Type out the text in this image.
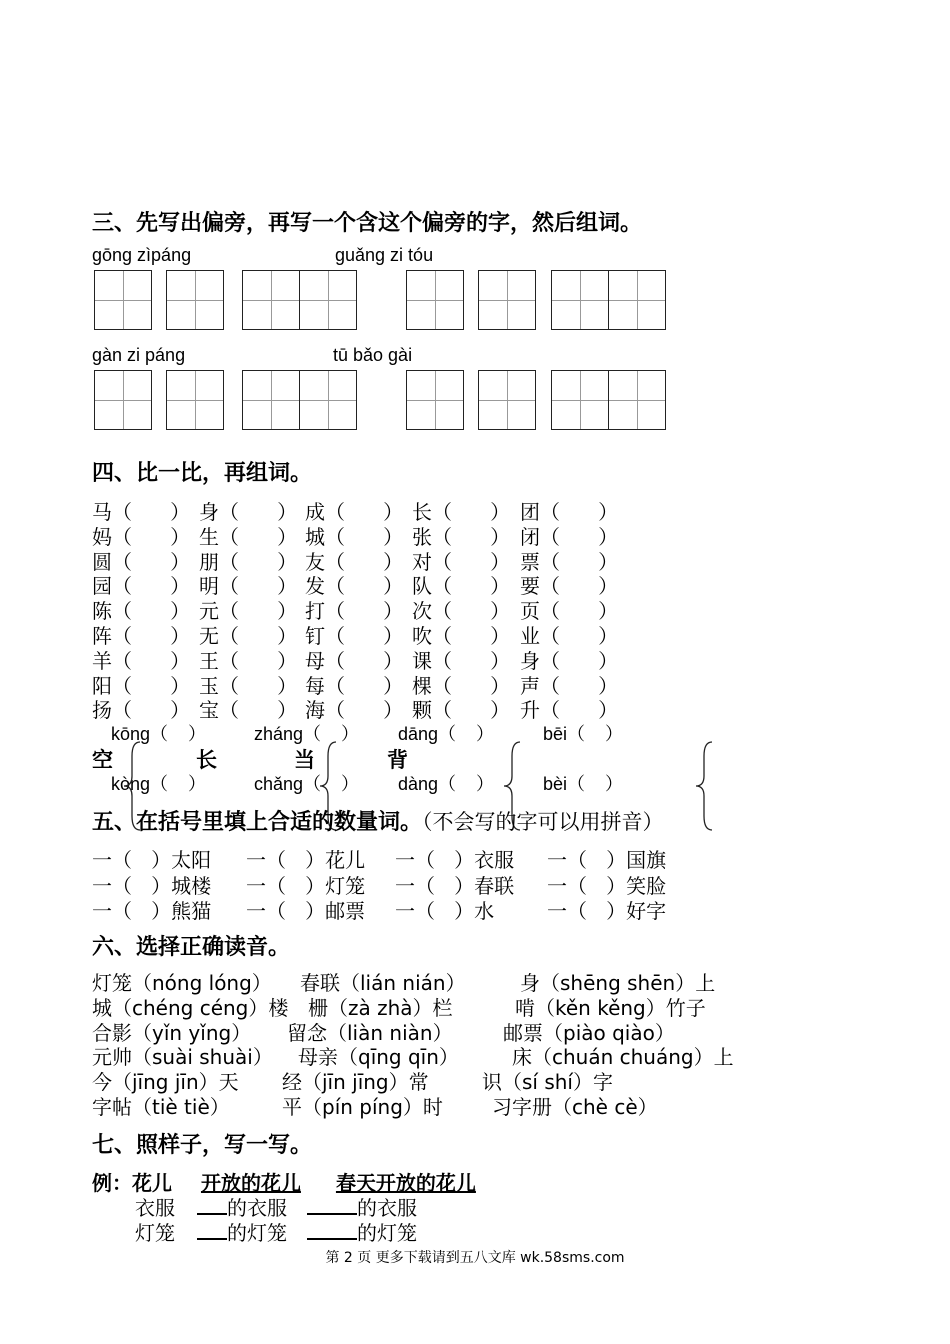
三、先写出偏旁，再写一个含这个偏旁的字，然后组词。
gōng zìpáng	guǎng zi tóu
gàn zi páng	tū bǎo gài
四、比一比，再组词。
马（      ） 身（      ） 成（      ） 长（      ） 团（      ）
妈（      ） 生（      ） 城（      ） 张（      ） 闭（      ）
圆（      ） 朋（      ） 友（      ） 对（      ） 票（      ）
园（      ） 明（      ） 发（      ） 队（      ） 要（      ）
陈（      ） 元（      ） 打（      ） 次（      ） 页（      ）
阵（      ） 无（      ） 钉（      ） 吹（      ） 业（      ）
羊（      ） 王（      ） 母（      ） 课（      ） 身（      ）
阳（      ） 玉（      ） 每（      ） 棵（      ） 声（      ）
扬（      ） 宝（      ） 海（      ） 颗（      ） 升（      ）
kōng（    ）	zháng（    ） dāng（    ）	bēi（    ）
空	长	当	背
kòng（    ）	chǎng（    ） dàng（    ）	bèi（    ）
五、在括号里填上合适的数量词。（不会写的字可以用拼音）
一（   ）太阳 一（   ）花儿 一（   ）衣服 一（   ）国旗
一（   ）城楼 一（   ）灯笼 一（   ）春联 一（   ）笑脸
一（   ）熊猫 一（   ）邮票 一（   ）水	一（   ）好字
六、选择正确读音。
灯笼（nóng lóng） 春联（lián nián）	身（shēng shēn）上
城（chéng céng）楼 栅（zà zhà）栏	啃（kěn kěng）竹子
合影（yǐn yǐng） 留念（liàn niàn）	邮票（piào qiào）
元帅（suài shuài） 母亲（qīng qīn）	床（chuán chuáng）上
今（jīng jīn）天 经（jīn jīng）常	识（sí shí）字
字帖（tiè tiè）	平（pín píng）时 习字册（chè cè）
七、照样子，写一写。
例：花儿 开放的花儿 春天开放的花儿
衣服	的衣服	的衣服
灯笼	的灯笼	的灯笼
第 2 页 更多下载请到五八文库 wk.58sms.com
